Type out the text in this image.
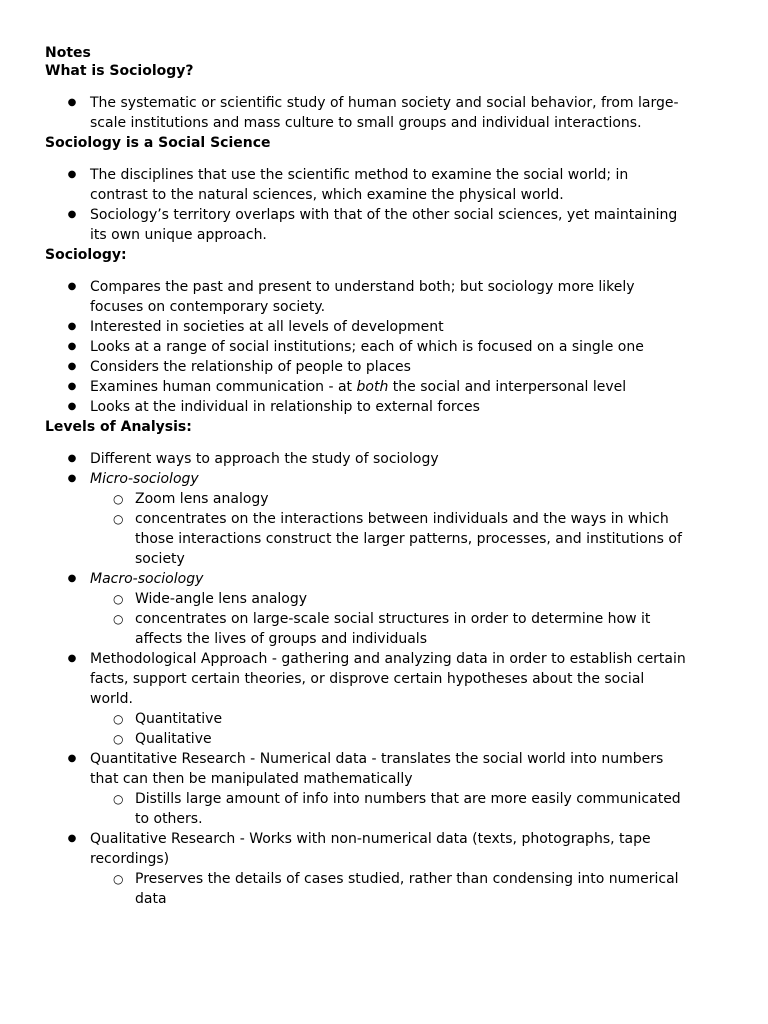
Notes
What is Sociology?
● The systematic or scientific study of human society and social behavior, from large-
scale institutions and mass culture to small groups and individual interactions.
Sociology is a Social Science
● The disciplines that use the scientific method to examine the social world; in
contrast to the natural sciences, which examine the physical world.
● Sociology’s territory overlaps with that of the other social sciences, yet maintaining
its own unique approach.
Sociology:
● Compares the past and present to understand both; but sociology more likely
focuses on contemporary society.
● Interested in societies at all levels of development
● Looks at a range of social institutions; each of which is focused on a single one
● Considers the relationship of people to places
● Examines human communication - at both the social and interpersonal level
● Looks at the individual in relationship to external forces
Levels of Analysis:
● Different ways to approach the study of sociology
● Micro-sociology
○ Zoom lens analogy
○ concentrates on the interactions between individuals and the ways in which
those interactions construct the larger patterns, processes, and institutions of
society
● Macro-sociology
○ Wide-angle lens analogy
○ concentrates on large-scale social structures in order to determine how it
affects the lives of groups and individuals
● Methodological Approach - gathering and analyzing data in order to establish certain
facts, support certain theories, or disprove certain hypotheses about the social
world.
○ Quantitative
○ Qualitative
● Quantitative Research - Numerical data - translates the social world into numbers
that can then be manipulated mathematically
○ Distills large amount of info into numbers that are more easily communicated
to others.
● Qualitative Research - Works with non-numerical data (texts, photographs, tape
recordings)
○ Preserves the details of cases studied, rather than condensing into numerical
data
